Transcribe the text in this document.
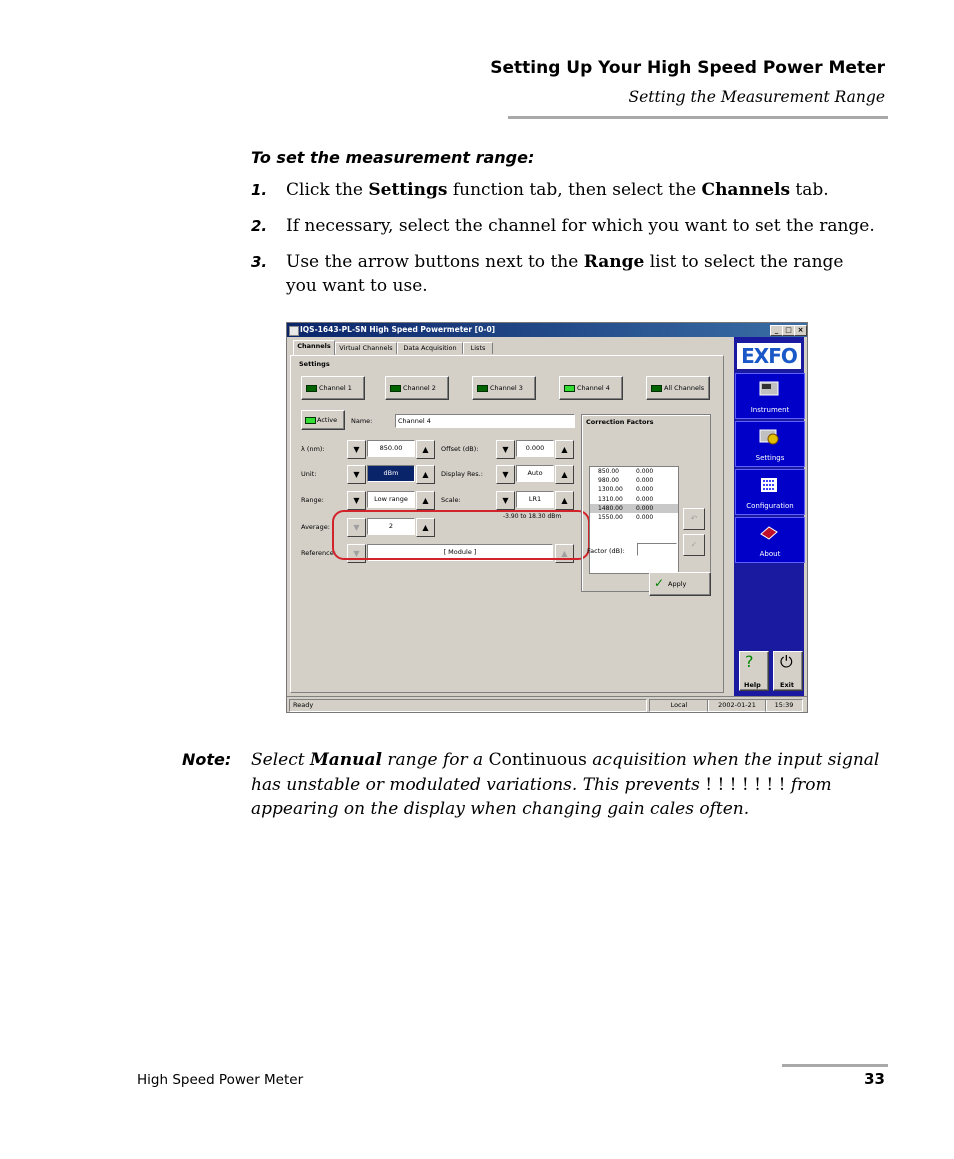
Setting Up Your High Speed Power Meter
Setting the Measurement Range
To set the measurement range:
1. Click the Settings function tab, then select the Channels tab.
2. If necessary, select the channel for which you want to set the range.
3. Use the arrow buttons next to the Range list to select the range you want to use.
IQS-1643-PL-SN High Speed Powermeter [0-0]	_ □ ×
Channels	Virtual Channels	Data Acquisition	Lists
Settings
Channel 1	Channel 2	Channel 3	Channel 4	All Channels
Active Name:	Channel 4
λ (nm):	▼	850.00	▲	Offset (dB):	▼	0.000	▲
Unit:	▼	dBm	▲	Display Res.:	▼	Auto	▲
Range:	▼	Low range	▲	Scale:	▼	LR1	▲
-3.90 to 18.30 dBm
Average:	▼	2	▲
Reference:	▼	[ Module ]	▲
Correction Factors
850.00	0.000
980.00	0.000
1300.00 0.000
1310.00 0.000
1480.00 0.000
1550.00 0.000	↶
✓
Factor (dB):
✓ Apply
EXFO
Instrument
Settings
Configuration
About
?
Help
⏻
Exit
Ready	Local	2002-01-21	15:39
Note: Select Manual range for a Continuous acquisition when the input signal has unstable or modulated variations. This prevents ! ! ! ! ! ! ! from appearing on the display when changing gain cales often.
High Speed Power Meter	33
